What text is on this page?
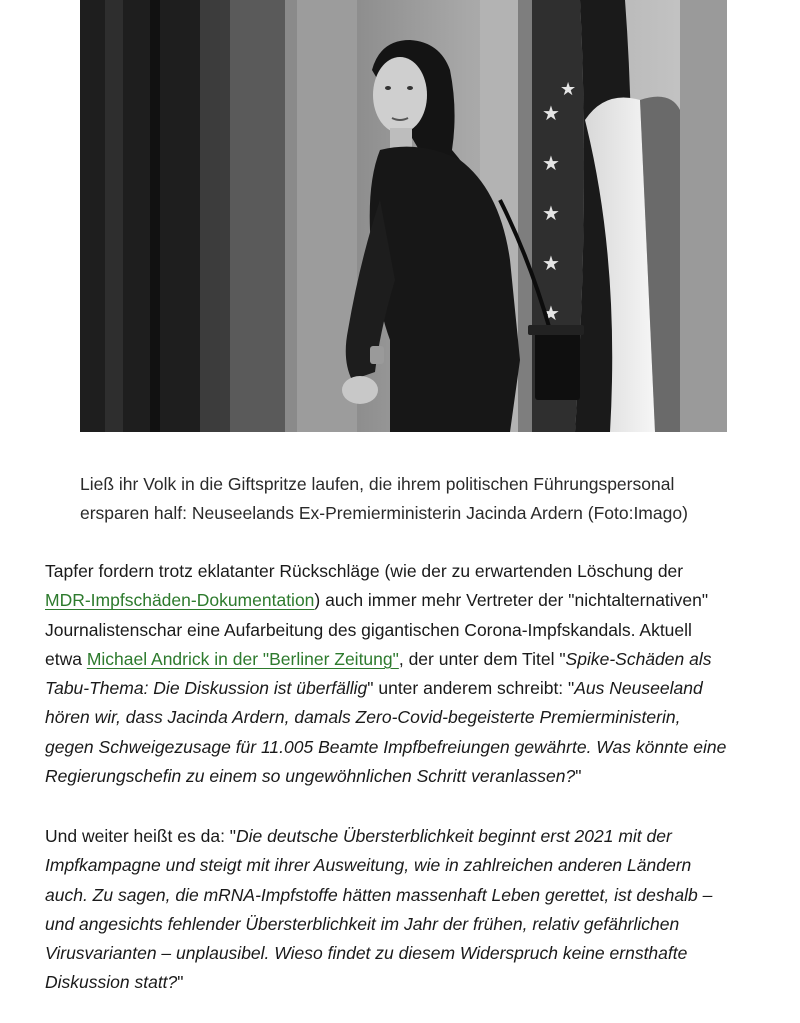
★
★
★
★
★
★
Ließ ihr Volk in die Giftspritze laufen, die ihrem politischen Führungspersonal
ersparen half: Neuseelands Ex-Premierministerin Jacinda Ardern (Foto:Imago)
Tapfer fordern trotz eklatanter Rückschläge (wie der zu erwartenden Löschung der
MDR-Impfschäden-Dokumentation) auch immer mehr Vertreter der "nichtalternativen"
Journalistenschar eine Aufarbeitung des gigantischen Corona-Impfskandals. Aktuell
etwa Michael Andrick in der "Berliner Zeitung", der unter dem Titel "Spike-Schäden als
Tabu-Thema: Die Diskussion ist überfällig" unter anderem schreibt: "Aus Neuseeland
hören wir, dass Jacinda Ardern, damals Zero-Covid-begeisterte Premierministerin,
gegen Schweigezusage für 11.005 Beamte Impfbefreiungen gewährte. Was könnte eine
Regierungschefin zu einem so ungewöhnlichen Schritt veranlassen?"
Und weiter heißt es da: "Die deutsche Übersterblichkeit beginnt erst 2021 mit der
Impfkampagne und steigt mit ihrer Ausweitung, wie in zahlreichen anderen Ländern
auch. Zu sagen, die mRNA-Impfstoffe hätten massenhaft Leben gerettet, ist deshalb –
und angesichts fehlender Übersterblichkeit im Jahr der frühen, relativ gefährlichen
Virusvarianten – unplausibel. Wieso findet zu diesem Widerspruch keine ernsthafte
Diskussion statt?"
